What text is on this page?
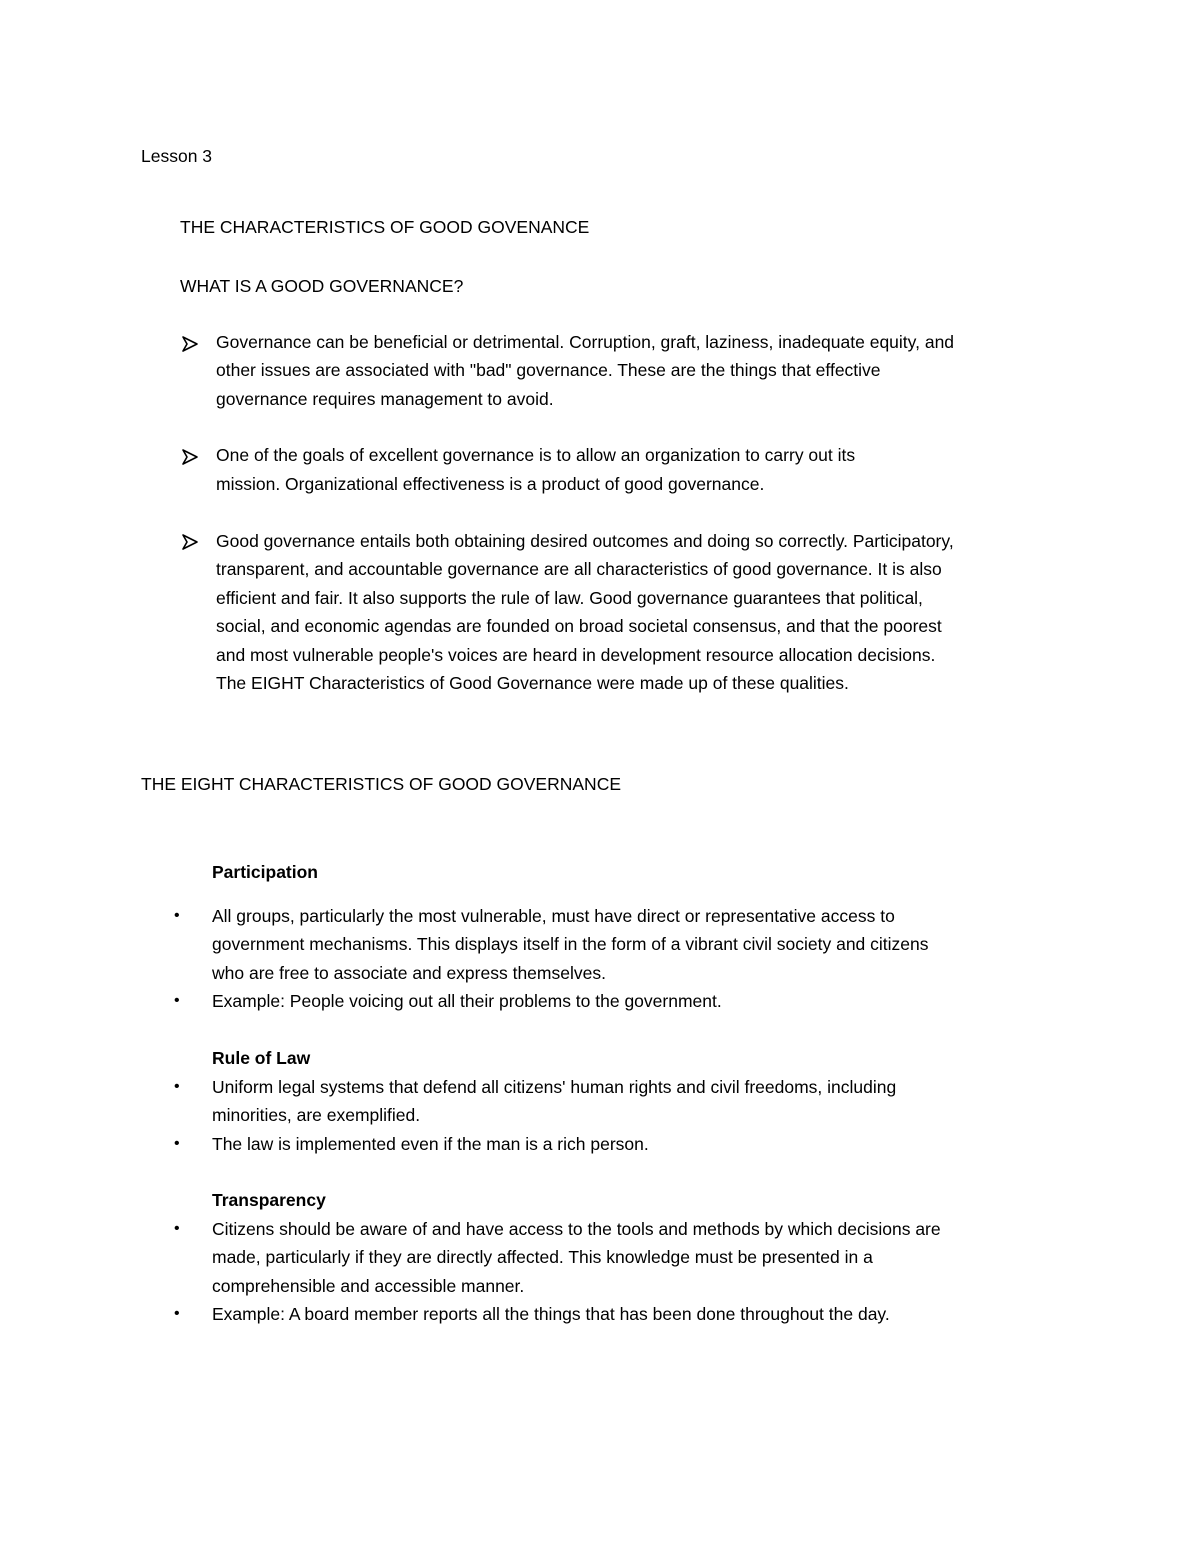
Lesson 3
THE CHARACTERISTICS OF GOOD GOVENANCE
WHAT IS A GOOD GOVERNANCE?
Governance can be beneficial or detrimental. Corruption, graft, laziness, inadequate equity, and
other issues are associated with "bad" governance. These are the things that effective
governance requires management to avoid.
One of the goals of excellent governance is to allow an organization to carry out its
mission. Organizational effectiveness is a product of good governance.
Good governance entails both obtaining desired outcomes and doing so correctly. Participatory,
transparent, and accountable governance are all characteristics of good governance. It is also
efficient and fair. It also supports the rule of law. Good governance guarantees that political,
social, and economic agendas are founded on broad societal consensus, and that the poorest
and most vulnerable people's voices are heard in development resource allocation decisions.
The EIGHT Characteristics of Good Governance were made up of these qualities.
THE EIGHT CHARACTERISTICS OF GOOD GOVERNANCE
Participation
• All groups, particularly the most vulnerable, must have direct or representative access to
government mechanisms. This displays itself in the form of a vibrant civil society and citizens
who are free to associate and express themselves.
• Example: People voicing out all their problems to the government.
Rule of Law
• Uniform legal systems that defend all citizens' human rights and civil freedoms, including
minorities, are exemplified.
• The law is implemented even if the man is a rich person.
Transparency
• Citizens should be aware of and have access to the tools and methods by which decisions are
made, particularly if they are directly affected. This knowledge must be presented in a
comprehensible and accessible manner.
• Example: A board member reports all the things that has been done throughout the day.
